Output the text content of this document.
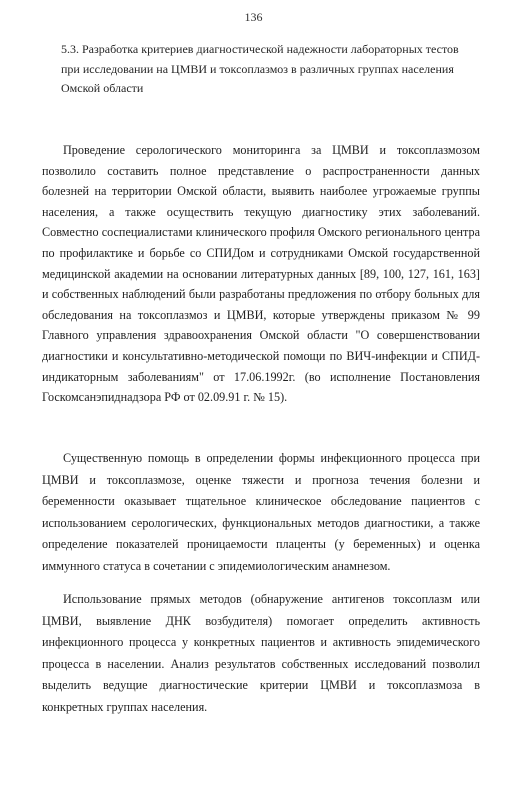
136
5.3. Разработка критериев диагностической надежности лабораторных тестов при исследовании на ЦМВИ и токсоплазмоз в различных группах населения Омской области

Проведение серологического мониторинга за ЦМВИ и токсоплазмозом позволило составить полное представление о распространенности данных болезней на территории Омской области, выявить наиболее угрожаемые группы населения, а также осуществить текущую диагностику этих заболеваний. Совместно соспециалистами клинического профиля Омского регионального центра по профилактике и борьбе со СПИДом и сотрудниками Омской государственной медицинской академии на основании литературных данных [89, 100, 127, 161, 163] и собственных наблюдений были разработаны предложения по отбору больных для обследования на токсоплазмоз и ЦМВИ, которые утверждены приказом № 99 Главного управления здравоохранения Омской области "О совершенствовании диагностики и консультативно-методической помощи по ВИЧ-инфекции и СПИД-индикаторным заболеваниям" от 17.06.1992г. (во исполнение Постановления Госкомсанэпиднадзора РФ от 02.09.91 г. № 15).

Существенную помощь в определении формы инфекционного процесса при ЦМВИ и токсоплазмозе, оценке тяжести и прогноза течения болезни и беременности оказывает тщательное клиническое обследование пациентов с использованием серологических, функциональных методов диагностики, а также определение показателей проницаемости плаценты (у беременных) и оценка иммунного статуса в сочетании с эпидемиологическим анамнезом.

Использование прямых методов (обнаружение антигенов токсоплазм или ЦМВИ, выявление ДНК возбудителя) помогает определить активность инфекционного процесса у конкретных пациентов и активность эпидемического процесса в населении. Анализ результатов собственных исследований позволил выделить ведущие диагностические критерии ЦМВИ и токсоплазмоза в конкретных группах населения.
